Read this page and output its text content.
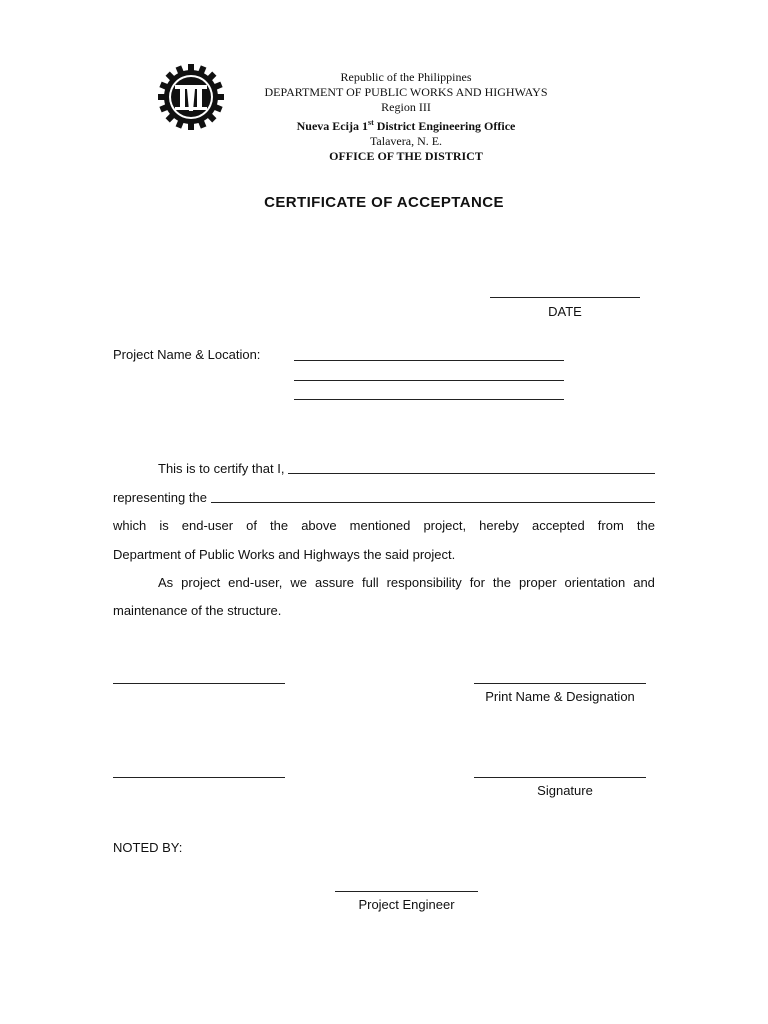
Republic of the Philippines
DEPARTMENT OF PUBLIC WORKS AND HIGHWAYS
Region III
Nueva Ecija 1st District Engineering Office
Talavera, N. E.
OFFICE OF THE DISTRICT
CERTIFICATE OF ACCEPTANCE
DATE
Project Name & Location:
This is to certify that I,
representing the
which is end-user of the above mentioned project, hereby accepted from the
Department of Public Works and Highways the said project.
As project end-user, we assure full responsibility for the proper orientation and
maintenance of the structure.
Print Name & Designation
Signature
NOTED BY:
Project Engineer
